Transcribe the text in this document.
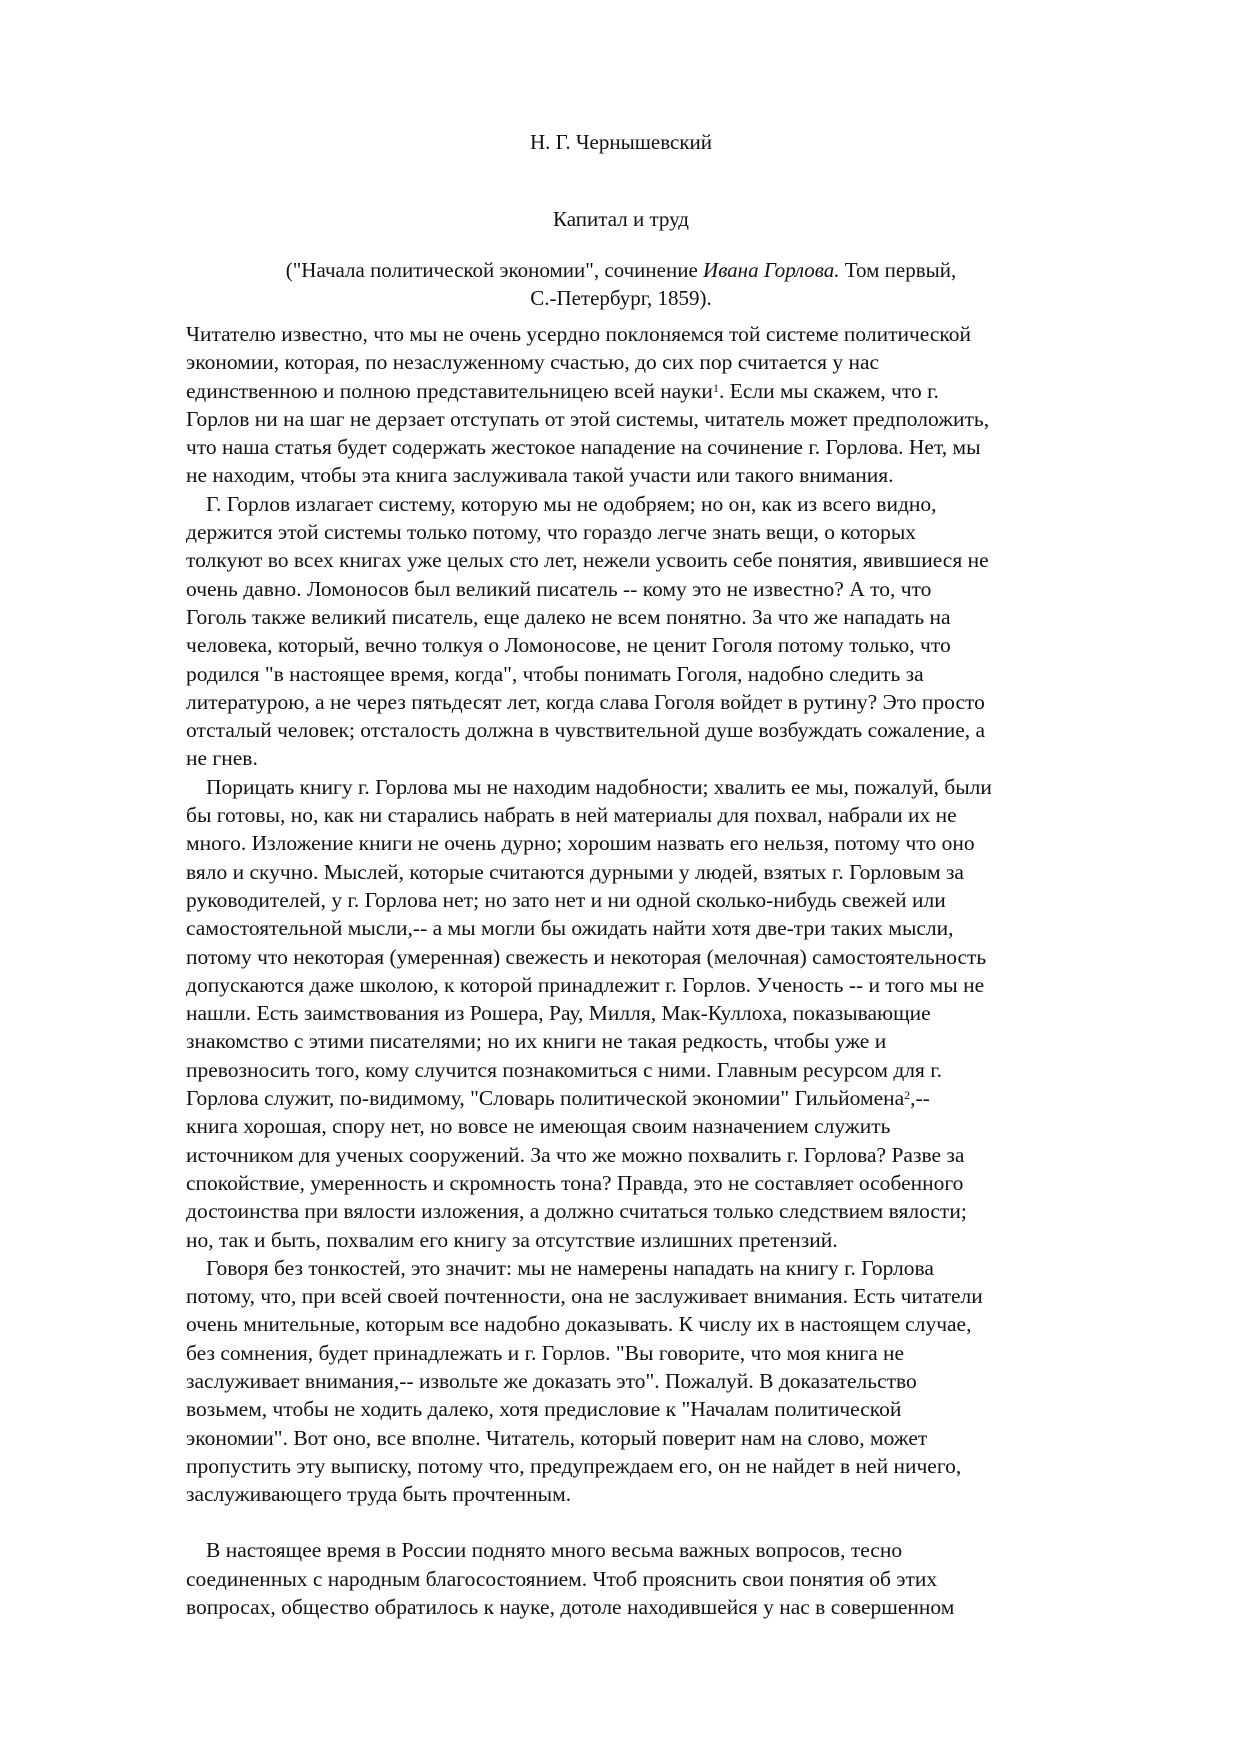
Н. Г. Чернышевский
Капитал и труд
("Начала политической экономии", сочинение Ивана Горлова. Том первый,
С.-Петербург, 1859).

Читателю известно, что мы не очень усердно поклоняемся той системе политической
экономии, которая, по незаслуженному счастью, до сих пор считается у нас
единственною и полною представительницею всей науки$^1$. Если мы скажем, что г.
Горлов ни на шаг не дерзает отступать от этой системы, читатель может предположить,
что наша статья будет содержать жестокое нападение на сочинение г. Горлова. Нет, мы
не находим, чтобы эта книга заслуживала такой участи или такого внимания.

Г. Горлов излагает систему, которую мы не одобряем; но он, как из всего видно,
держится этой системы только потому, что гораздо легче знать вещи, о которых
толкуют во всех книгах уже целых сто лет, нежели усвоить себе понятия, явившиеся не
очень давно. Ломоносов был великий писатель -- кому это не известно? А то, что
Гоголь также великий писатель, еще далеко не всем понятно. За что же нападать на
человека, который, вечно толкуя о Ломоносове, не ценит Гоголя потому только, что
родился "в настоящее время, когда", чтобы понимать Гоголя, надобно следить за
литературою, а не через пятьдесят лет, когда слава Гоголя войдет в рутину? Это просто
отсталый человек; отсталость должна в чувствительной душе возбуждать сожаление, а
не гнев.

Порицать книгу г. Горлова мы не находим надобности; хвалить ее мы, пожалуй, были
бы готовы, но, как ни старались набрать в ней материалы для похвал, набрали их не
много. Изложение книги не очень дурно; хорошим назвать его нельзя, потому что оно
вяло и скучно. Мыслей, которые считаются дурными у людей, взятых г. Горловым за
руководителей, у г. Горлова нет; но зато нет и ни одной сколько-нибудь свежей или
самостоятельной мысли,-- а мы могли бы ожидать найти хотя две-три таких мысли,
потому что некоторая (умеренная) свежесть и некоторая (мелочная) самостоятельность
допускаются даже школою, к которой принадлежит г. Горлов. Ученость -- и того мы не
нашли. Есть заимствования из Рошера, Рау, Милля, Мак-Куллоха, показывающие
знакомство с этими писателями; но их книги не такая редкость, чтобы уже и
превозносить того, кому случится познакомиться с ними. Главным ресурсом для г.
Горлова служит, по-видимому, "Словарь политической экономии" Гильйомена$^2$,--
книга хорошая, спору нет, но вовсе не имеющая своим назначением служить
источником для ученых сооружений. За что же можно похвалить г. Горлова? Разве за
спокойствие, умеренность и скромность тона? Правда, это не составляет особенного
достоинства при вялости изложения, а должно считаться только следствием вялости;
но, так и быть, похвалим его книгу за отсутствие излишних претензий.

Говоря без тонкостей, это значит: мы не намерены нападать на книгу г. Горлова
потому, что, при всей своей почтенности, она не заслуживает внимания. Есть читатели
очень мнительные, которым все надобно доказывать. К числу их в настоящем случае,
без сомнения, будет принадлежать и г. Горлов. "Вы говорите, что моя книга не
заслуживает внимания,-- извольте же доказать это". Пожалуй. В доказательство
возьмем, чтобы не ходить далеко, хотя предисловие к "Началам политической
экономии". Вот оно, все вполне. Читатель, который поверит нам на слово, может
пропустить эту выписку, потому что, предупреждаем его, он не найдет в ней ничего,
заслуживающего труда быть прочтенным.

В настоящее время в России поднято много весьма важных вопросов, тесно
соединенных с народным благосостоянием. Чтоб прояснить свои понятия об этих
вопросах, общество обратилось к науке, дотоле находившейся у нас в совершенном
